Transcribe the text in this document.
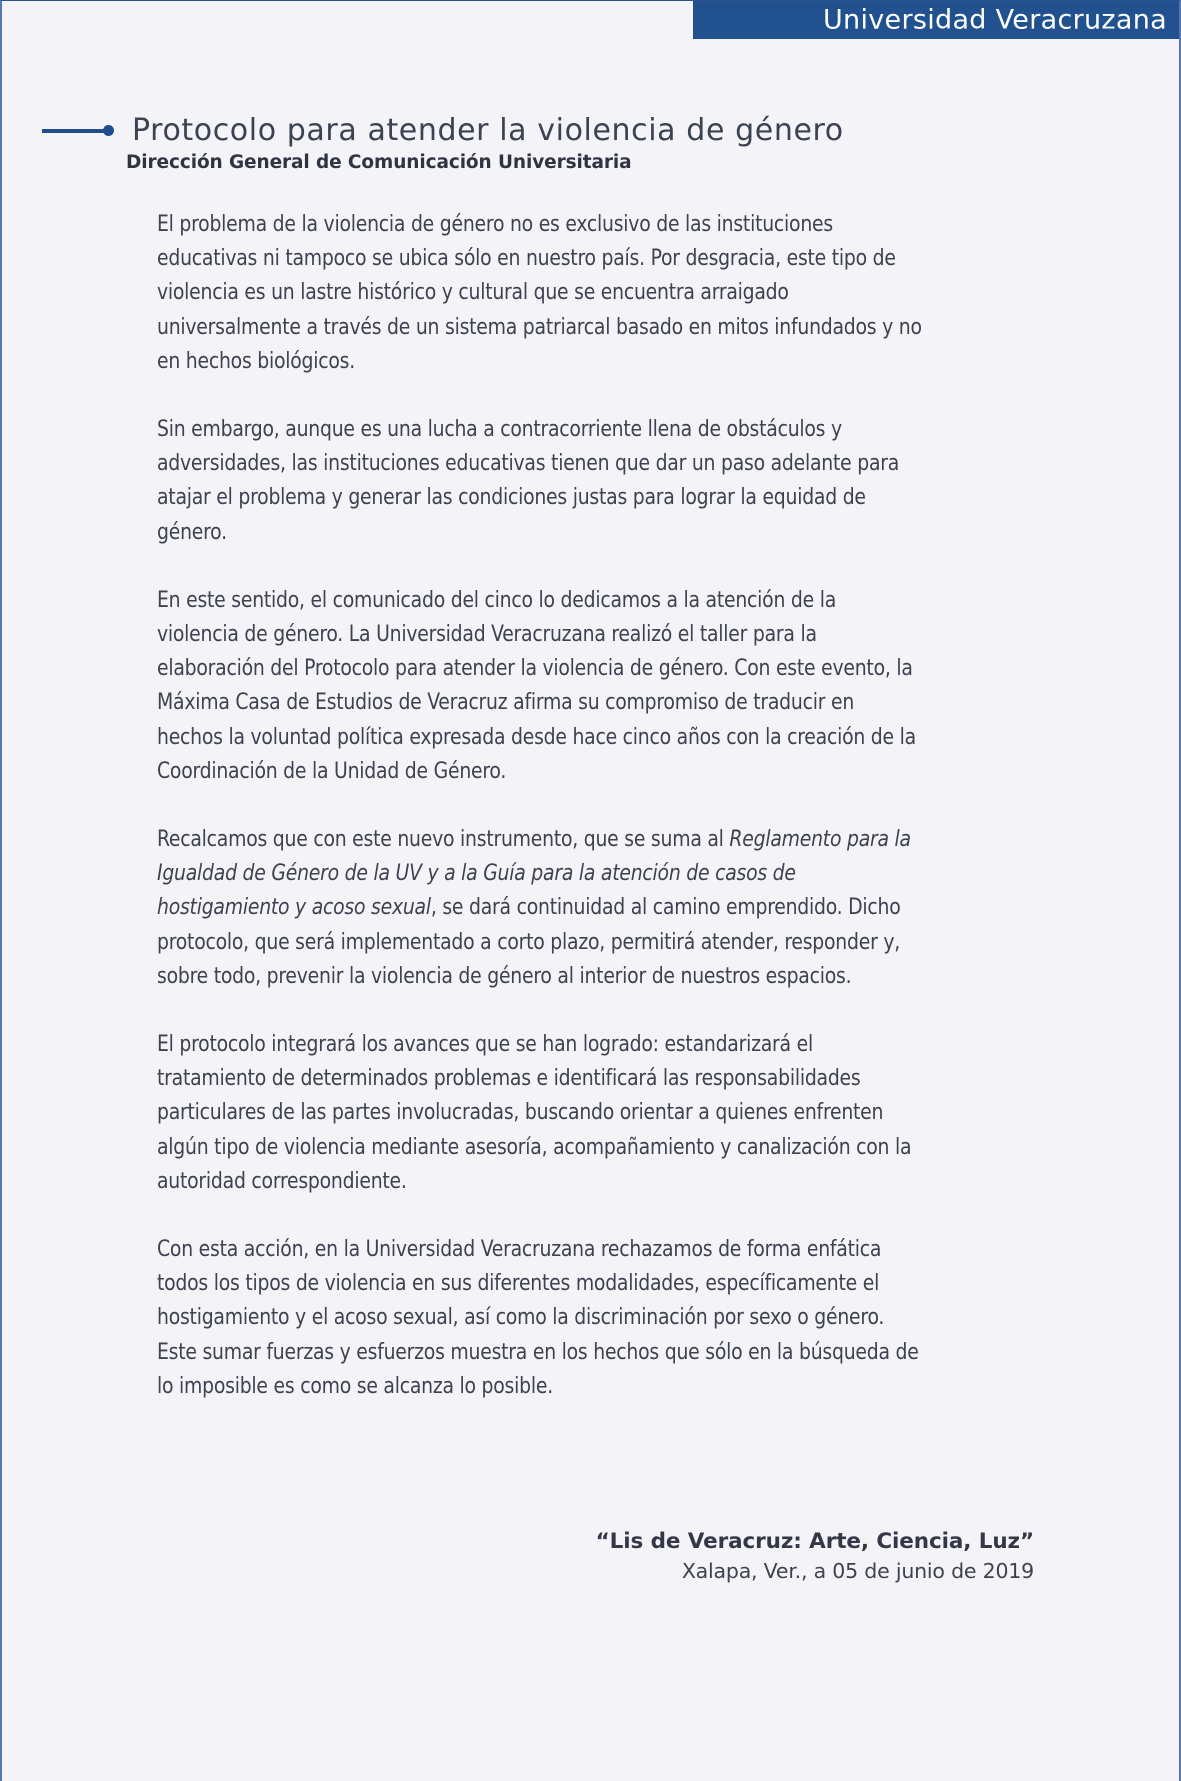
Universidad Veracruzana
Protocolo para atender la violencia de género
Dirección General de Comunicación Universitaria

El problema de la violencia de género no es exclusivo de las instituciones educativas ni tampoco se ubica sólo en nuestro país. Por desgracia, este tipo de violencia es un lastre histórico y cultural que se encuentra arraigado universalmente a través de un sistema patriarcal basado en mitos infundados y no en hechos biológicos.

Sin embargo, aunque es una lucha a contracorriente llena de obstáculos y adversidades, las instituciones educativas tienen que dar un paso adelante para atajar el problema y generar las condiciones justas para lograr la equidad de género.

En este sentido, el comunicado del cinco lo dedicamos a la atención de la violencia de género. La Universidad Veracruzana realizó el taller para la elaboración del Protocolo para atender la violencia de género. Con este evento, la Máxima Casa de Estudios de Veracruz afirma su compromiso de traducir en hechos la voluntad política expresada desde hace cinco años con la creación de la Coordinación de la Unidad de Género.

Recalcamos que con este nuevo instrumento, que se suma al Reglamento para la Igualdad de Género de la UV y a la Guía para la atención de casos de hostigamiento y acoso sexual, se dará continuidad al camino emprendido. Dicho protocolo, que será implementado a corto plazo, permitirá atender, responder y, sobre todo, prevenir la violencia de género al interior de nuestros espacios.

El protocolo integrará los avances que se han logrado: estandarizará el tratamiento de determinados problemas e identificará las responsabilidades particulares de las partes involucradas, buscando orientar a quienes enfrenten algún tipo de violencia mediante asesoría, acompañamiento y canalización con la autoridad correspondiente.

Con esta acción, en la Universidad Veracruzana rechazamos de forma enfática todos los tipos de violencia en sus diferentes modalidades, específicamente el hostigamiento y el acoso sexual, así como la discriminación por sexo o género. Este sumar fuerzas y esfuerzos muestra en los hechos que sólo en la búsqueda de lo imposible es como se alcanza lo posible.

“Lis de Veracruz: Arte, Ciencia, Luz”
Xalapa, Ver., a 05 de junio de 2019
